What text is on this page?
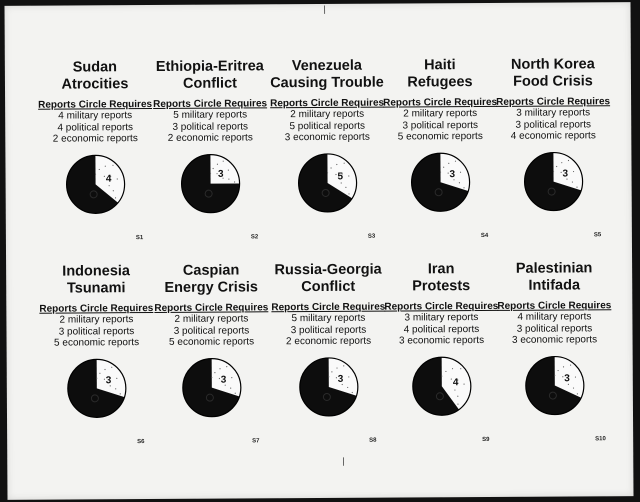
Sudan
Atrocities
Reports Circle Requires
4 military reports
4 political reports
2 economic reports
4
S1
Ethiopia-Eritrea
Conflict
Reports Circle Requires
5 military reports
3 political reports
2 economic reports
3
S2
Venezuela
Causing Trouble
Reports Circle Requires
2 military reports
5 political reports
3 economic reports
5
S3
Haiti
Refugees
Reports Circle Requires
2 military reports
3 political reports
5 economic reports
3
S4
North Korea
Food Crisis
Reports Circle Requires
3 military reports
3 political reports
4 economic reports
3
S5
Indonesia
Tsunami
Reports Circle Requires
2 military reports
3 political reports
5 economic reports
3
S6
Caspian
Energy Crisis
Reports Circle Requires
2 military reports
3 political reports
5 economic reports
3
S7
Russia-Georgia
Conflict
Reports Circle Requires
5 military reports
3 political reports
2 economic reports
3
S8
Iran
Protests
Reports Circle Requires
3 military reports
4 political reports
3 economic reports
4
S9
Palestinian
Intifada
Reports Circle Requires
4 military reports
3 political reports
3 economic reports
3
S10
|
|
